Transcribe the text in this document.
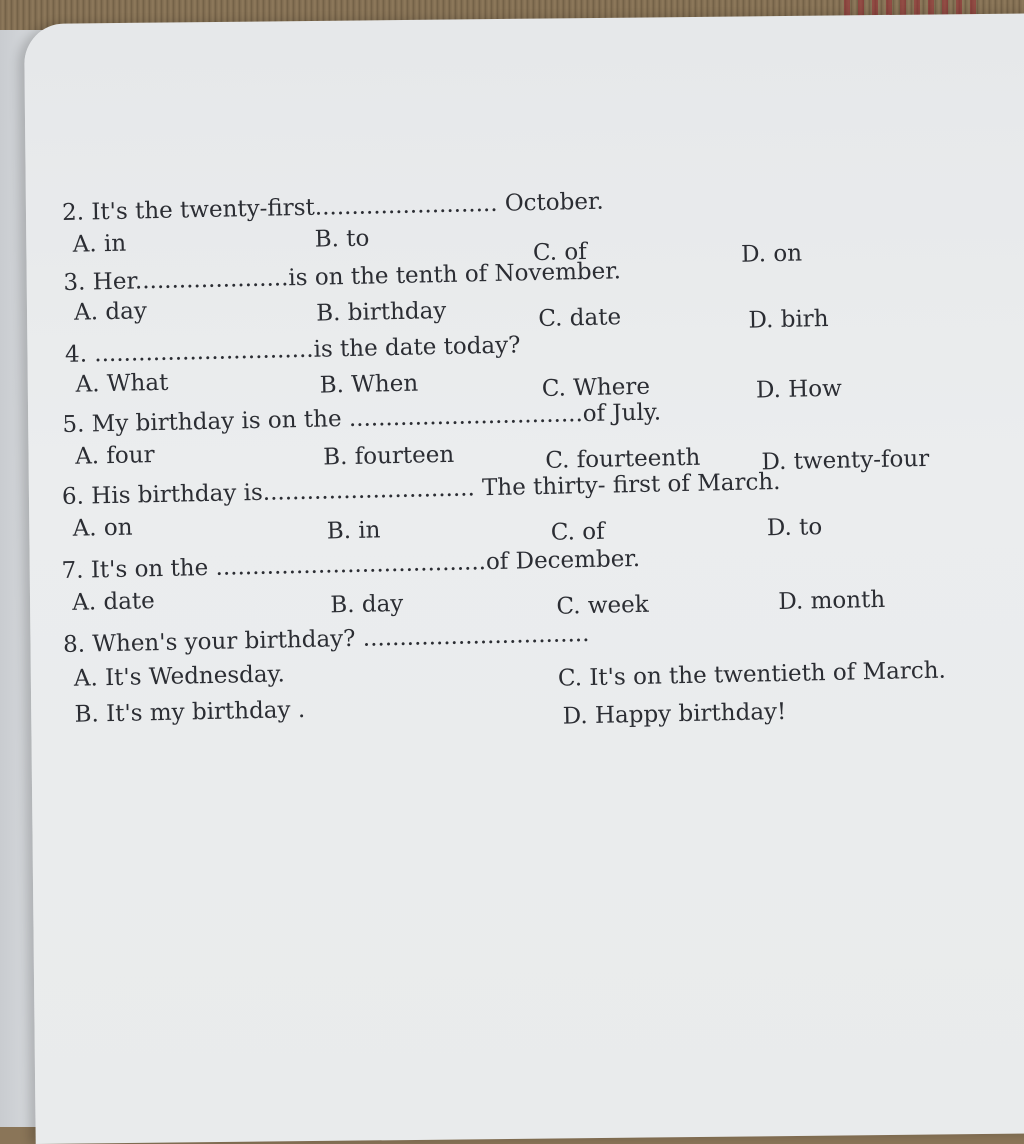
2. It's the twenty-first......................... October.
A. in	B. to	C. of	D. on
3. Her.....................is on the tenth of November.
A. day	B. birthday	C. date	D. birh
4. ..............................is the date today?
A. What	B. When	C. Where	D. How
5. My birthday is on the ................................of July.
A. four	B. fourteen	C. fourteenth	D. twenty-four
6. His birthday is............................. The thirty- first of March.
A. on	B. in	C. of	D. to
7. It's on the .....................................of December.
A. date	B. day	C. week	D. month
8. When's your birthday? ...............................
A. It's Wednesday.
B. It's my birthday .
C. It's on the twentieth of March.
D. Happy birthday!
